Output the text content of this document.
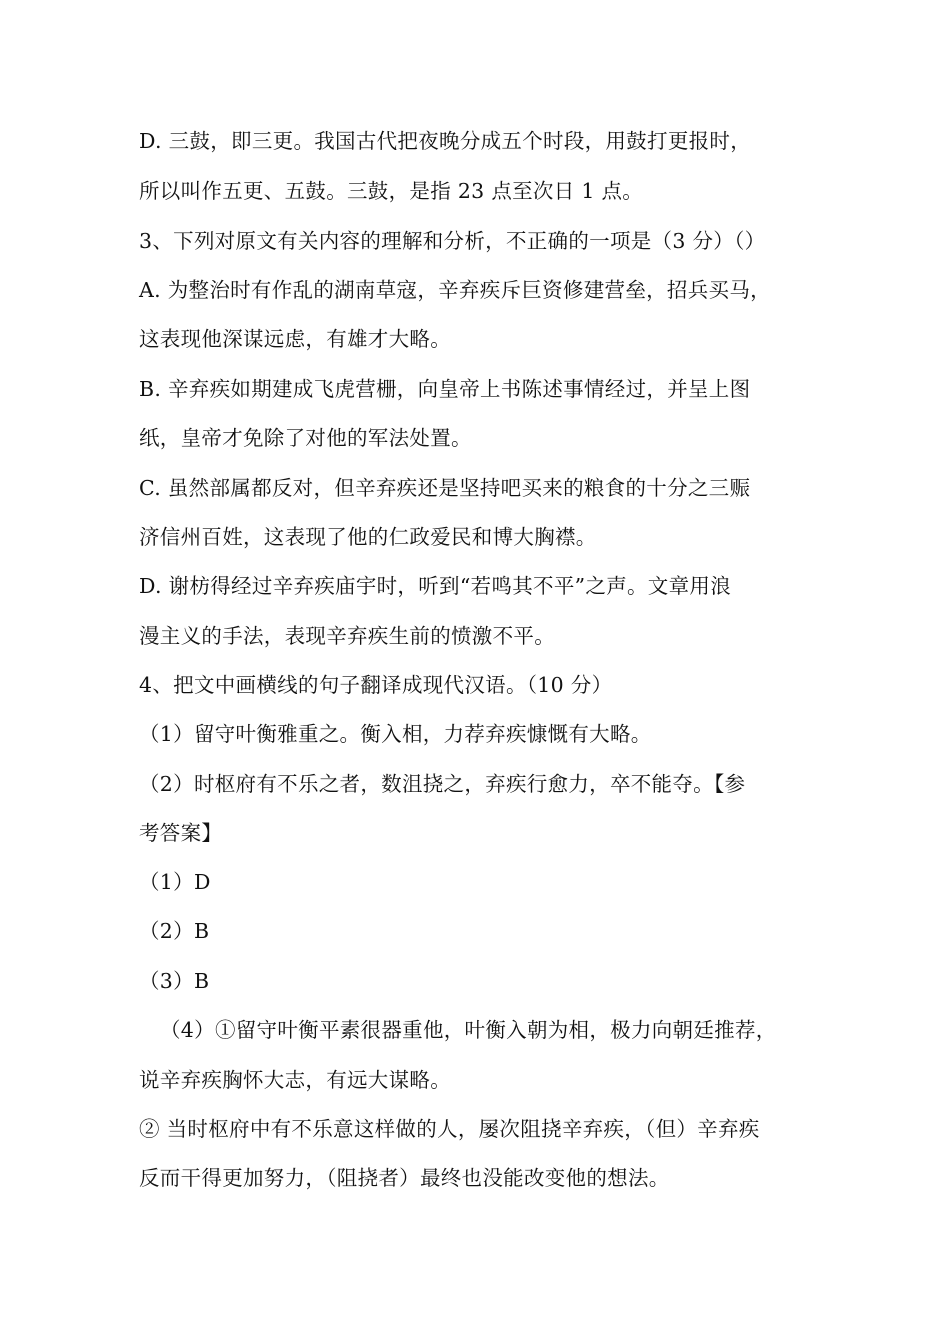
D. 三鼓，即三更。我国古代把夜晚分成五个时段，用鼓打更报时，
所以叫作五更、五鼓。三鼓，是指 23 点至次日 1 点。
3、下列对原文有关内容的理解和分析，不正确的一项是（3 分）（）
A. 为整治时有作乱的湖南草寇，辛弃疾斥巨资修建营垒，招兵买马，
这表现他深谋远虑，有雄才大略。
B. 辛弃疾如期建成飞虎营栅，向皇帝上书陈述事情经过，并呈上图
纸，皇帝才免除了对他的军法处置。
C. 虽然部属都反对，但辛弃疾还是坚持吧买来的粮食的十分之三赈
济信州百姓，这表现了他的仁政爱民和博大胸襟。
D. 谢枋得经过辛弃疾庙宇时，听到“若鸣其不平”之声。文章用浪
漫主义的手法，表现辛弃疾生前的愤激不平。
4、把文中画横线的句子翻译成现代汉语。（10 分）
（1）留守叶衡雅重之。衡入相，力荐弃疾慷慨有大略。
（2）时枢府有不乐之者，数沮挠之，弃疾行愈力，卒不能夺。【参
考答案】
（1）D
（2）B
（3）B
（4）①留守叶衡平素很器重他，叶衡入朝为相，极力向朝廷推荐，
说辛弃疾胸怀大志，有远大谋略。
② 当时枢府中有不乐意这样做的人，屡次阻挠辛弃疾，（但）辛弃疾
反而干得更加努力，（阻挠者）最终也没能改变他的想法。
